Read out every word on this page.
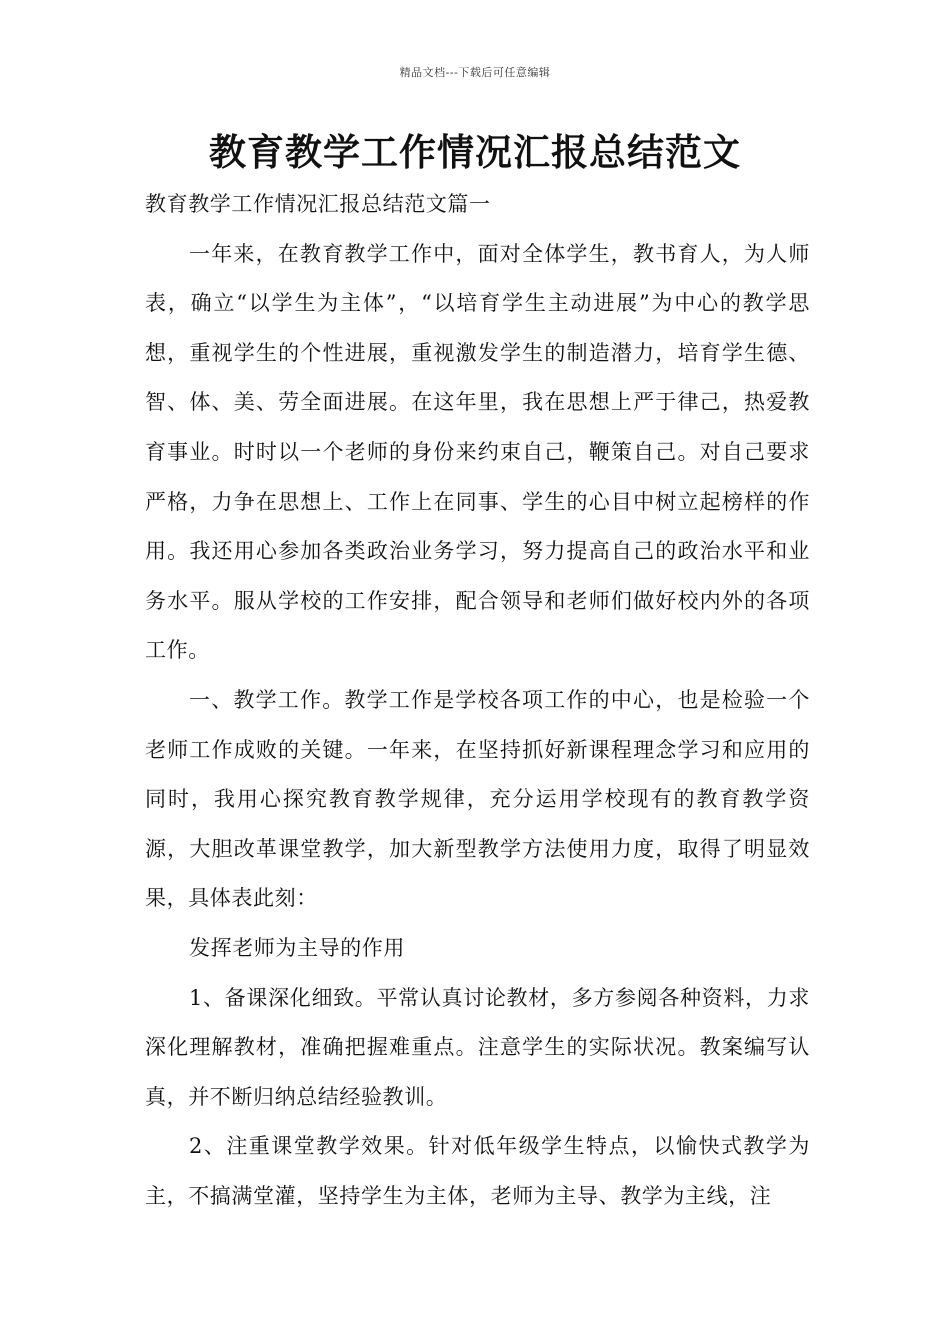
精品文档---下载后可任意编辑
教育教学工作情况汇报总结范文

教育教学工作情况汇报总结范文篇一

一年来，在教育教学工作中，面对全体学生，教书育人，为人师表，确立“以学生为主体”，“以培育学生主动进展”为中心的教学思想，重视学生的个性进展，重视激发学生的制造潜力，培育学生德、智、体、美、劳全面进展。在这年里，我在思想上严于律己，热爱教育事业。时时以一个老师的身份来约束自己，鞭策自己。对自己要求严格，力争在思想上、工作上在同事、学生的心目中树立起榜样的作用。我还用心参加各类政治业务学习，努力提高自己的政治水平和业务水平。服从学校的工作安排，配合领导和老师们做好校内外的各项工作。

一、教学工作。教学工作是学校各项工作的中心，也是检验一个老师工作成败的关键。一年来，在坚持抓好新课程理念学习和应用的同时，我用心探究教育教学规律，充分运用学校现有的教育教学资源，大胆改革课堂教学，加大新型教学方法使用力度，取得了明显效果，具体表此刻：

发挥老师为主导的作用

1、备课深化细致。平常认真讨论教材，多方参阅各种资料，力求深化理解教材，准确把握难重点。注意学生的实际状况。教案编写认真，并不断归纳总结经验教训。

2、注重课堂教学效果。针对低年级学生特点，以愉快式教学为主，不搞满堂灌，坚持学生为主体，老师为主导、教学为主线，注
